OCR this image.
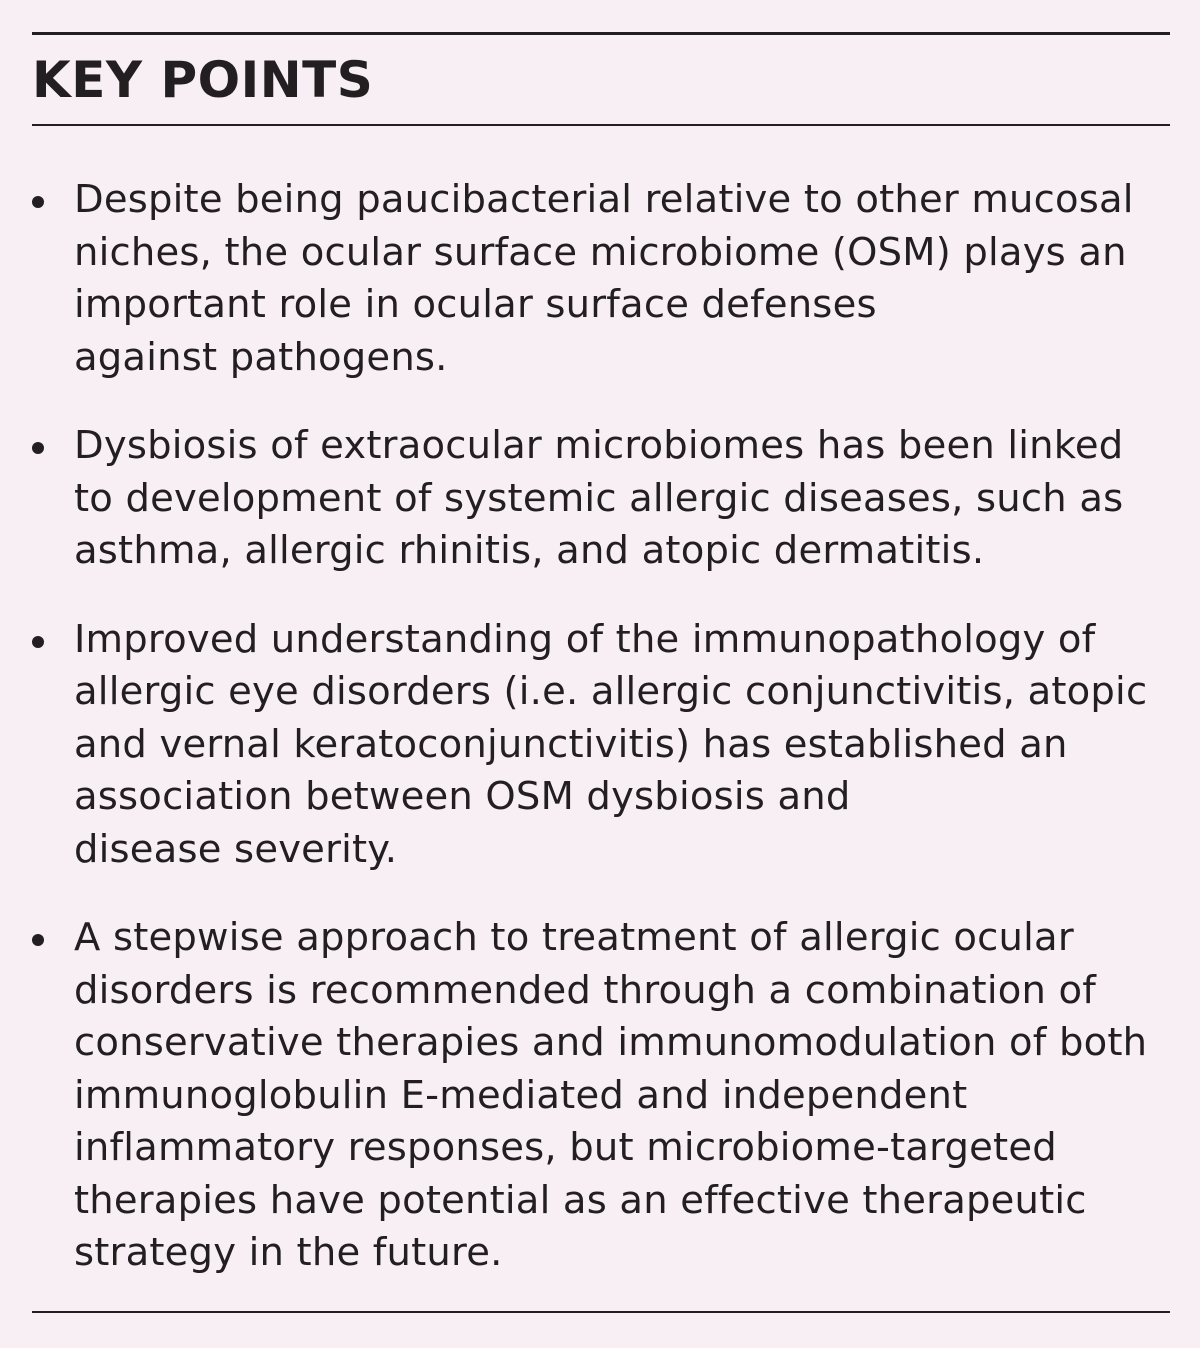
KEY POINTS
Despite being paucibacterial relative to other mucosal
niches, the ocular surface microbiome (OSM) plays an
important role in ocular surface defenses
against pathogens.
Dysbiosis of extraocular microbiomes has been linked
to development of systemic allergic diseases, such as
asthma, allergic rhinitis, and atopic dermatitis.
Improved understanding of the immunopathology of
allergic eye disorders (i.e. allergic conjunctivitis, atopic
and vernal keratoconjunctivitis) has established an
association between OSM dysbiosis and
disease severity.
A stepwise approach to treatment of allergic ocular
disorders is recommended through a combination of
conservative therapies and immunomodulation of both
immunoglobulin E-mediated and independent
inflammatory responses, but microbiome-targeted
therapies have potential as an effective therapeutic
strategy in the future.
